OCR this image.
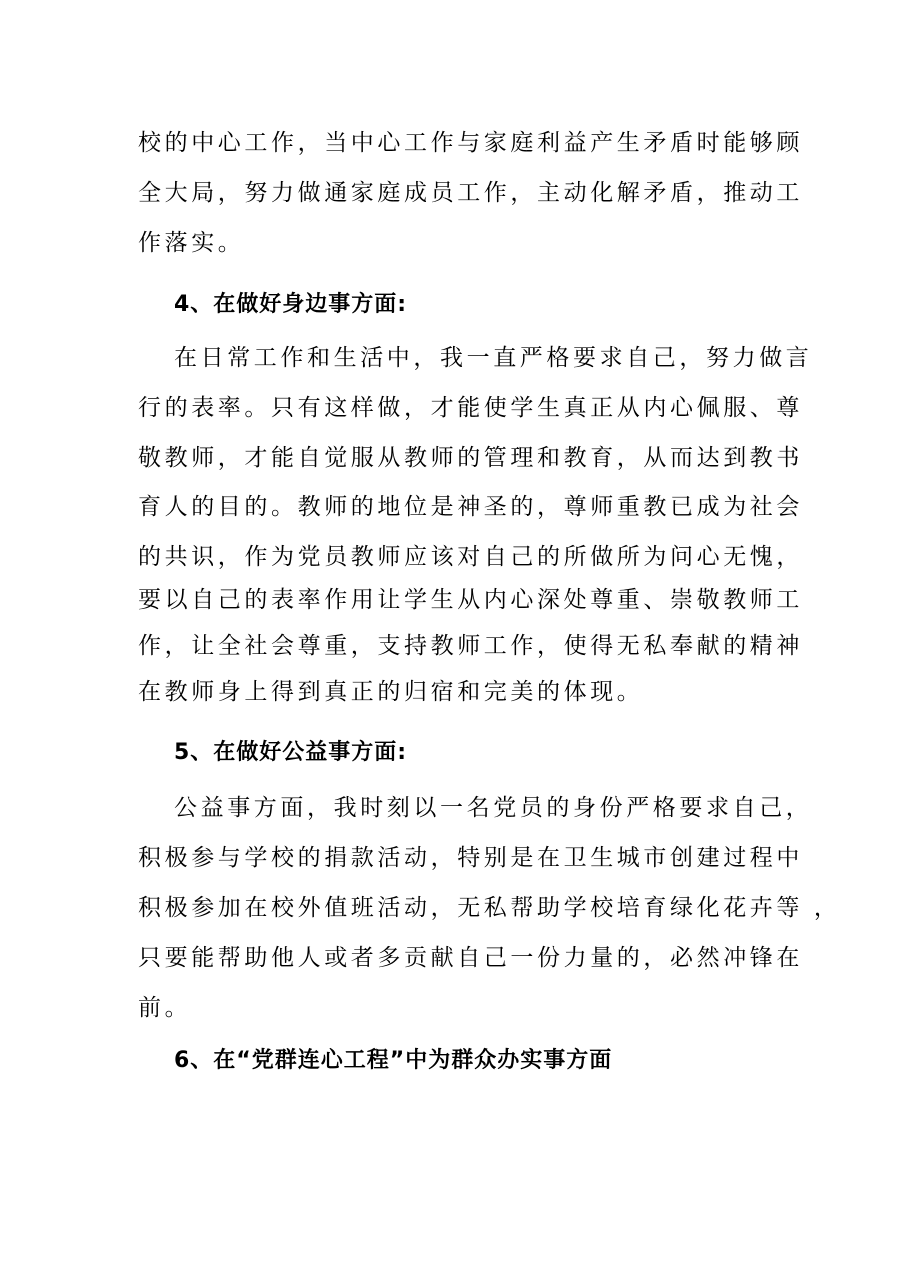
校的中心工作，当中心工作与家庭利益产生矛盾时能够顾
全大局，努力做通家庭成员工作，主动化解矛盾，推动工
作落实。
4、在做好身边事方面:
在日常工作和生活中，我一直严格要求自己，努力做言
行的表率。只有这样做，才能使学生真正从内心佩服、尊
敬教师，才能自觉服从教师的管理和教育，从而达到教书
育人的目的。教师的地位是神圣的，尊师重教已成为社会
的共识，作为党员教师应该对自己的所做所为问心无愧，
要以自己的表率作用让学生从内心深处尊重、崇敬教师工
作，让全社会尊重，支持教师工作，使得无私奉献的精神
在教师身上得到真正的归宿和完美的体现。
5、在做好公益事方面:
公益事方面，我时刻以一名党员的身份严格要求自己，
积极参与学校的捐款活动，特别是在卫生城市创建过程中
积极参加在校外值班活动，无私帮助学校培育绿化花卉等 ，
只要能帮助他人或者多贡献自己一份力量的，必然冲锋在
前。
6、在“党群连心工程”中为群众办实事方面
